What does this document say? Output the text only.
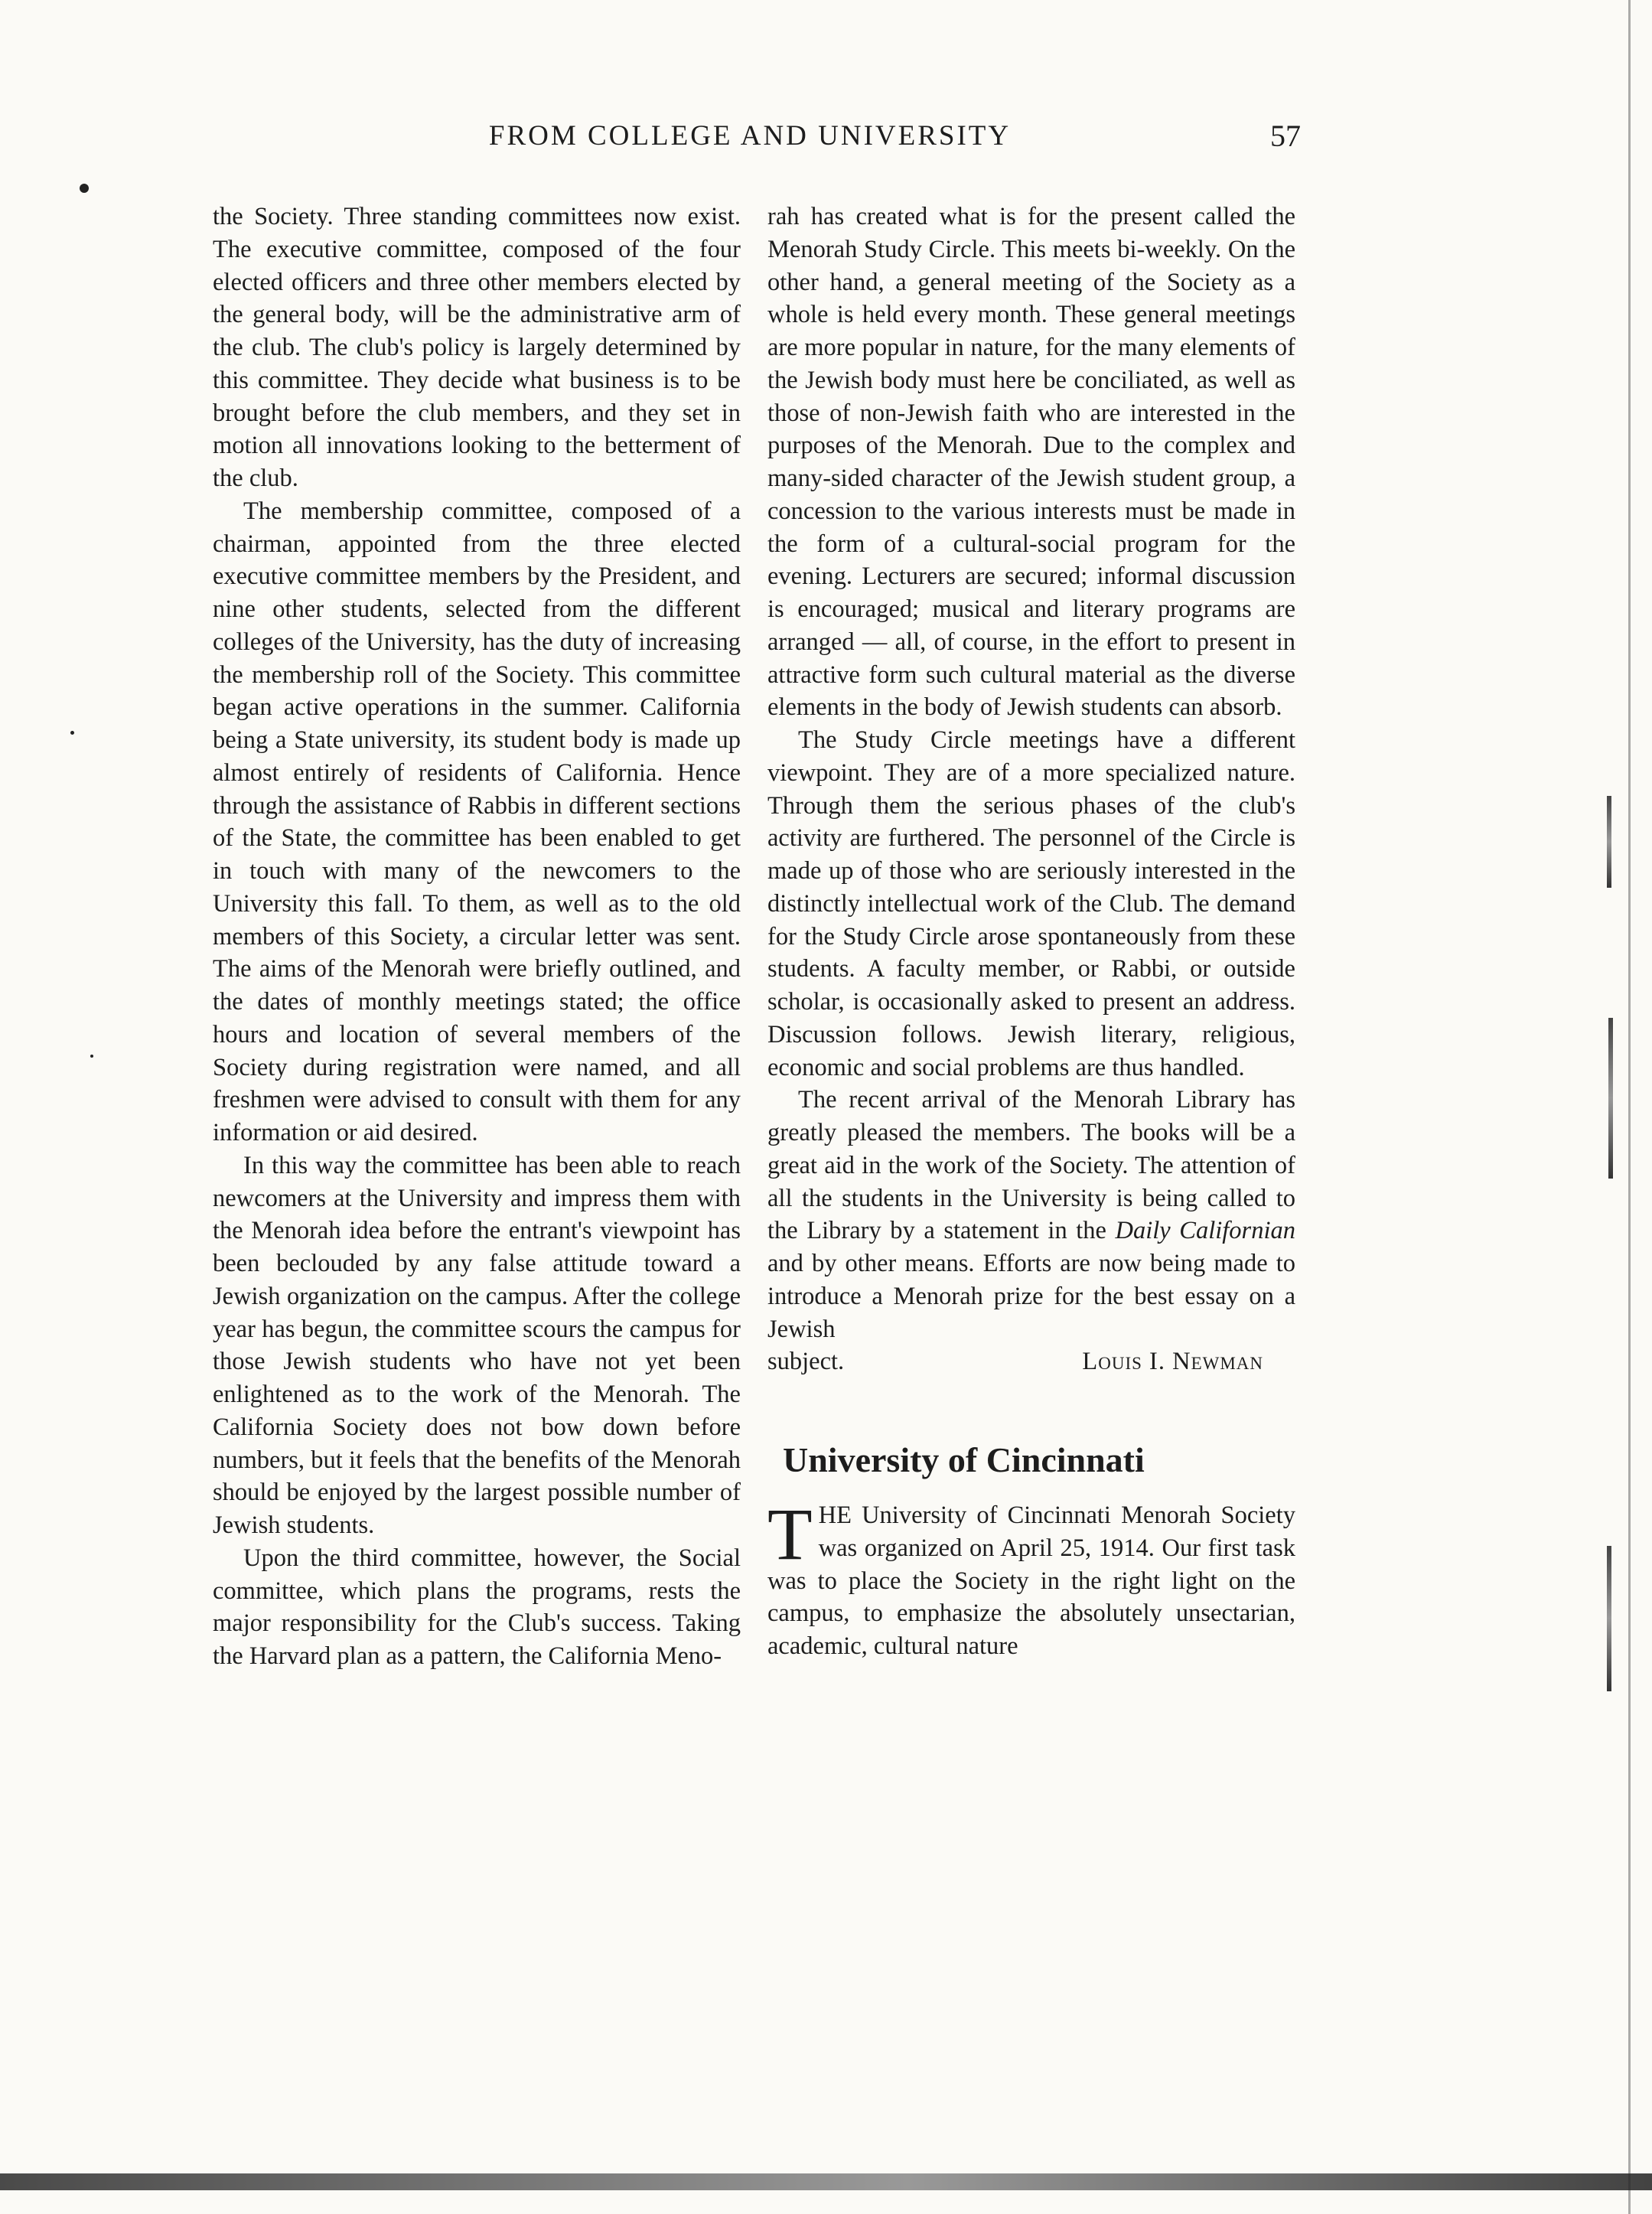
FROM COLLEGE AND UNIVERSITY	57

the Society. Three standing committees now exist. The executive committee, composed of the four elected officers and three other members elected by the general body, will be the administrative arm of the club. The club's policy is largely determined by this committee. They decide what business is to be brought before the club members, and they set in motion all innovations looking to the betterment of the club.

The membership committee, composed of a chairman, appointed from the three elected executive committee members by the President, and nine other students, selected from the different colleges of the University, has the duty of increasing the membership roll of the Society. This committee began active operations in the summer. California being a State university, its student body is made up almost entirely of residents of California. Hence through the assistance of Rabbis in different sections of the State, the committee has been enabled to get in touch with many of the newcomers to the University this fall. To them, as well as to the old members of this Society, a circular letter was sent. The aims of the Menorah were briefly outlined, and the dates of monthly meetings stated; the office hours and location of several members of the Society during registration were named, and all freshmen were advised to consult with them for any information or aid desired.

In this way the committee has been able to reach newcomers at the University and impress them with the Menorah idea before the entrant's viewpoint has been beclouded by any false attitude toward a Jewish organization on the campus. After the college year has begun, the committee scours the campus for those Jewish students who have not yet been enlightened as to the work of the Menorah. The California Society does not bow down before numbers, but it feels that the benefits of the Menorah should be enjoyed by the largest possible number of Jewish students.

Upon the third committee, however, the Social committee, which plans the programs, rests the major responsibility for the Club's success. Taking the Harvard plan as a pattern, the California Meno-

rah has created what is for the present called the Menorah Study Circle. This meets bi-weekly. On the other hand, a general meeting of the Society as a whole is held every month. These general meetings are more popular in nature, for the many elements of the Jewish body must here be conciliated, as well as those of non-Jewish faith who are interested in the purposes of the Menorah. Due to the complex and many-sided character of the Jewish student group, a concession to the various interests must be made in the form of a cultural-social program for the evening. Lecturers are secured; informal discussion is encouraged; musical and literary programs are arranged — all, of course, in the effort to present in attractive form such cultural material as the diverse elements in the body of Jewish students can absorb.

The Study Circle meetings have a different viewpoint. They are of a more specialized nature. Through them the serious phases of the club's activity are furthered. The personnel of the Circle is made up of those who are seriously interested in the distinctly intellectual work of the Club. The demand for the Study Circle arose spontaneously from these students. A faculty member, or Rabbi, or outside scholar, is occasionally asked to present an address. Discussion follows. Jewish literary, religious, economic and social problems are thus handled.

The recent arrival of the Menorah Library has greatly pleased the members. The books will be a great aid in the work of the Society. The attention of all the students in the University is being called to the Library by a statement in the Daily Californian and by other means. Efforts are now being made to introduce a Menorah prize for the best essay on a Jewish

subject.	Louis I. Newman
University of Cincinnati

THE University of Cincinnati Menorah Society was organized on April 25, 1914. Our first task was to place the Society in the right light on the campus, to emphasize the absolutely unsectarian, academic, cultural nature
